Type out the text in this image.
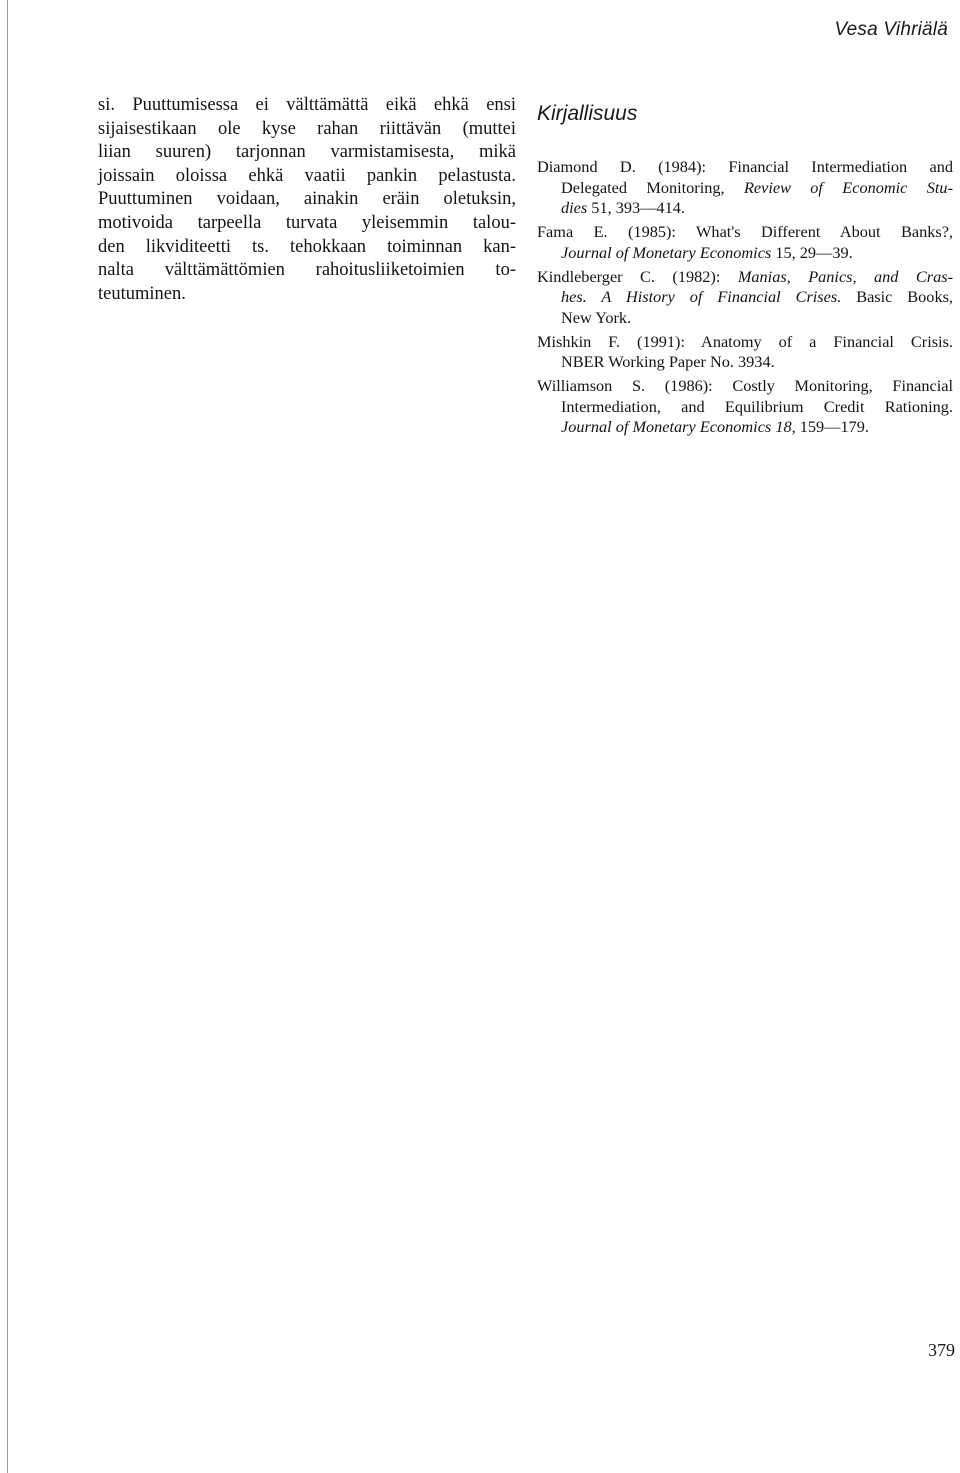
Vesa Vihriälä
si. Puuttumisessa ei välttämättä eikä ehkä ensi
sijaisestikaan ole kyse rahan riittävän (muttei
liian suuren) tarjonnan varmistamisesta, mikä
joissain oloissa ehkä vaatii pankin pelastusta.
Puuttuminen voidaan, ainakin eräin oletuksin,
motivoida tarpeella turvata yleisemmin talou-
den likviditeetti ts. tehokkaan toiminnan kan-
nalta välttämättömien rahoitusliiketoimien to-
teutuminen.
Kirjallisuus
Diamond D. (1984): Financial Intermediation and
Delegated Monitoring, Review of Economic Stu-
dies 51, 393—414.
Fama E. (1985): What's Different About Banks?,
Journal of Monetary Economics 15, 29—39.
Kindleberger C. (1982): Manias, Panics, and Cras-
hes. A History of Financial Crises. Basic Books,
New York.
Mishkin F. (1991): Anatomy of a Financial Crisis.
NBER Working Paper No. 3934.
Williamson S. (1986): Costly Monitoring, Financial
Intermediation, and Equilibrium Credit Rationing.
Journal of Monetary Economics 18, 159—179.
379
